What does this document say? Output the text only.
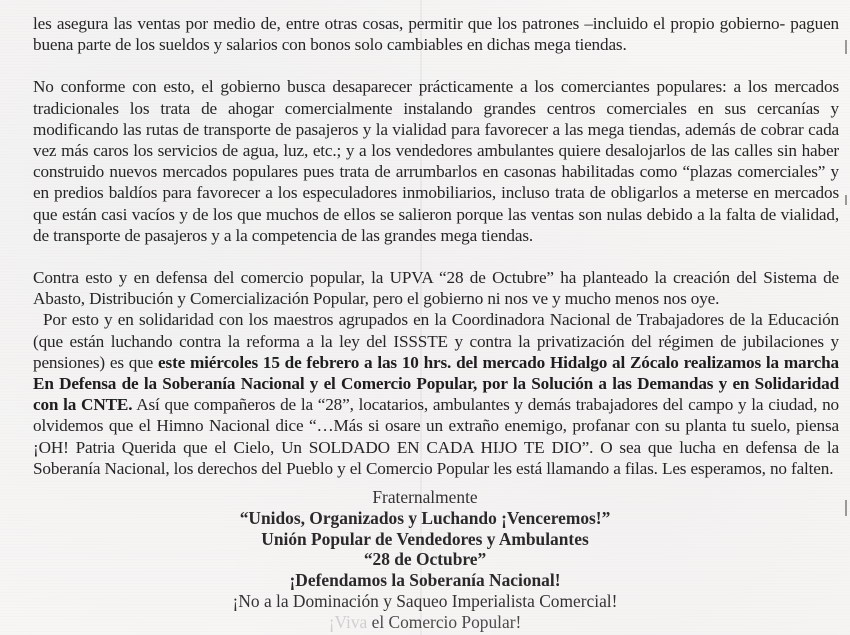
les asegura las ventas por medio de, entre otras cosas, permitir que los patrones –incluido el propio gobierno- paguen buena parte de los sueldos y salarios con bonos solo cambiables en dichas mega tiendas.

No conforme con esto, el gobierno busca desaparecer prácticamente a los comerciantes populares: a los mercados tradicionales los trata de ahogar comercialmente instalando grandes centros comerciales en sus cercanías y modificando las rutas de transporte de pasajeros y la vialidad para favorecer a las mega tiendas, además de cobrar cada vez más caros los servicios de agua, luz, etc.; y a los vendedores ambulantes quiere desalojarlos de las calles sin haber construido nuevos mercados populares pues trata de arrumbarlos en casonas habilitadas como “plazas comerciales” y en predios baldíos para favorecer a los especuladores inmobiliarios, incluso trata de obligarlos a meterse en mercados que están casi vacíos y de los que muchos de ellos se salieron porque las ventas son nulas debido a la falta de vialidad, de transporte de pasajeros y a la competencia de las grandes mega tiendas.

Contra esto y en defensa del comercio popular, la UPVA “28 de Octubre” ha planteado la creación del Sistema de Abasto, Distribución y Comercialización Popular, pero el gobierno ni nos ve y mucho menos nos oye.

Por esto y en solidaridad con los maestros agrupados en la Coordinadora Nacional de Trabajadores de la Educación (que están luchando contra la reforma a la ley del ISSSTE y contra la privatización del régimen de jubilaciones y pensiones) es que este miércoles 15 de febrero a las 10 hrs. del mercado Hidalgo al Zócalo realizamos la marcha En Defensa de la Soberanía Nacional y el Comercio Popular, por la Solución a las Demandas y en Solidaridad con la CNTE. Así que compañeros de la “28”, locatarios, ambulantes y demás trabajadores del campo y la ciudad, no olvidemos que el Himno Nacional dice “…Más si osare un extraño enemigo, profanar con su planta tu suelo, piensa ¡OH! Patria Querida que el Cielo, Un SOLDADO EN CADA HIJO TE DIO”. O sea que lucha en defensa de la Soberanía Nacional, los derechos del Pueblo y el Comercio Popular les está llamando a filas. Les esperamos, no falten.

Fraternalmente
“Unidos, Organizados y Luchando ¡Venceremos!”
Unión Popular de Vendedores y Ambulantes
“28 de Octubre”
¡Defendamos la Soberanía Nacional!
¡No a la Dominación y Saqueo Imperialista Comercial!
¡Viva el Comercio Popular!
